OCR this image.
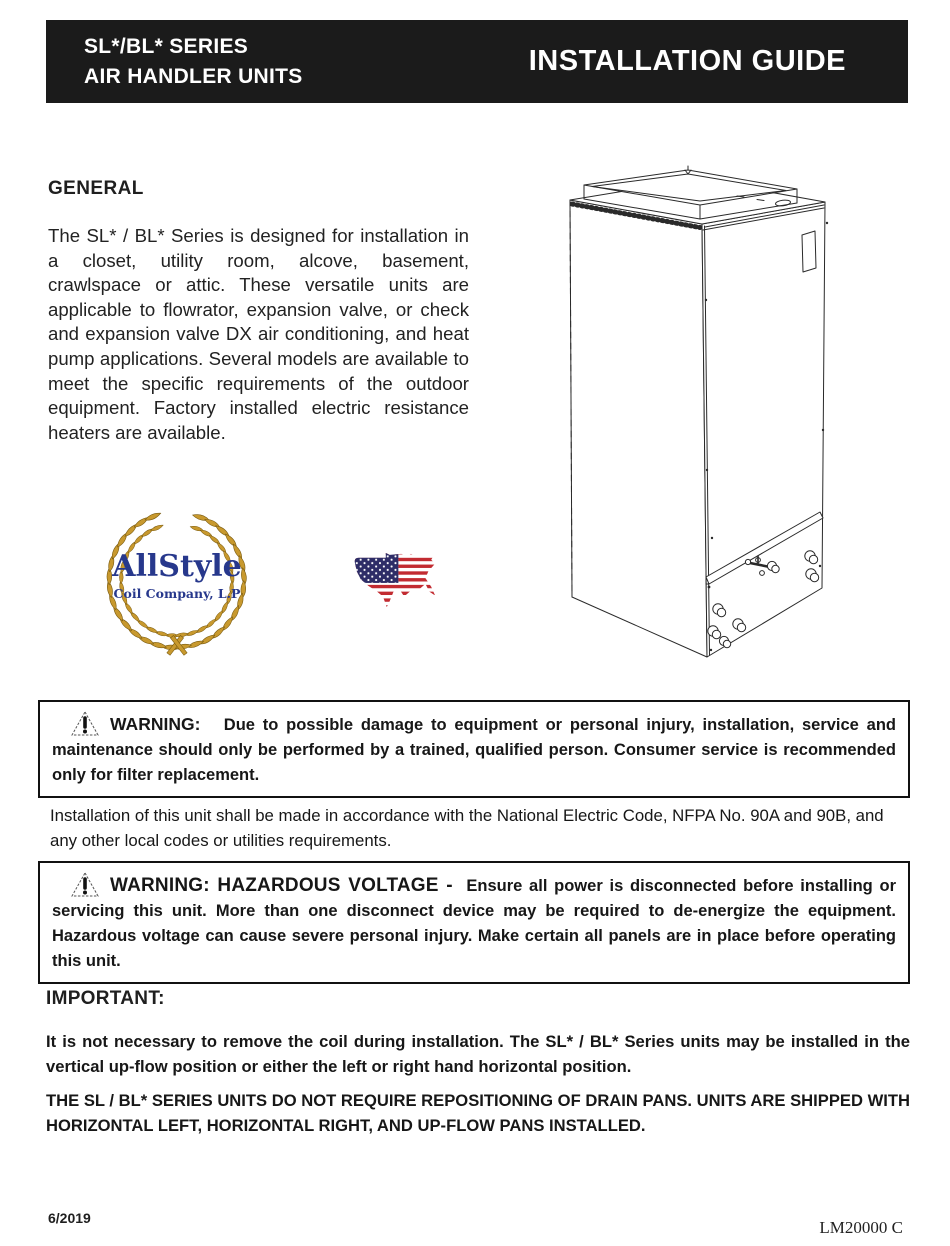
SL*/BL* SERIES
AIR HANDLER UNITS	INSTALLATION GUIDE
GENERAL
The SL* / BL* Series is designed for installation in a closet, utility room, alcove, basement, crawlspace or attic. These versatile units are applicable to flowrator, expansion valve, or check and expansion valve DX air conditioning, and heat pump applications. Several models are available to meet the specific requirements of the outdoor equipment. Factory installed electric resistance heaters are available.
AllStyle
Coil Company, L.P

WARNING: Due to possible damage to equipment or personal injury, installation, service and maintenance should only be performed by a trained, qualified person. Consumer service is recommended only for filter replacement.

Installation of this unit shall be made in accordance with the National Electric Code, NFPA No. 90A and 90B, and any other local codes or utilities requirements.

WARNING: HAZARDOUS VOLTAGE - Ensure all power is disconnected before installing or servicing this unit. More than one disconnect device may be required to de-energize the equipment. Hazardous voltage can cause severe personal injury. Make certain all panels are in place before operating this unit.

IMPORTANT:

It is not necessary to remove the coil during installation. The SL* / BL* Series units may be installed in the vertical up-flow position or either the left or right hand horizontal position.

THE SL / BL* SERIES UNITS DO NOT REQUIRE REPOSITIONING OF DRAIN PANS. UNITS ARE SHIPPED WITH HORIZONTAL LEFT, HORIZONTAL RIGHT, AND UP-FLOW PANS INSTALLED.

6/2019	LM20000 C
